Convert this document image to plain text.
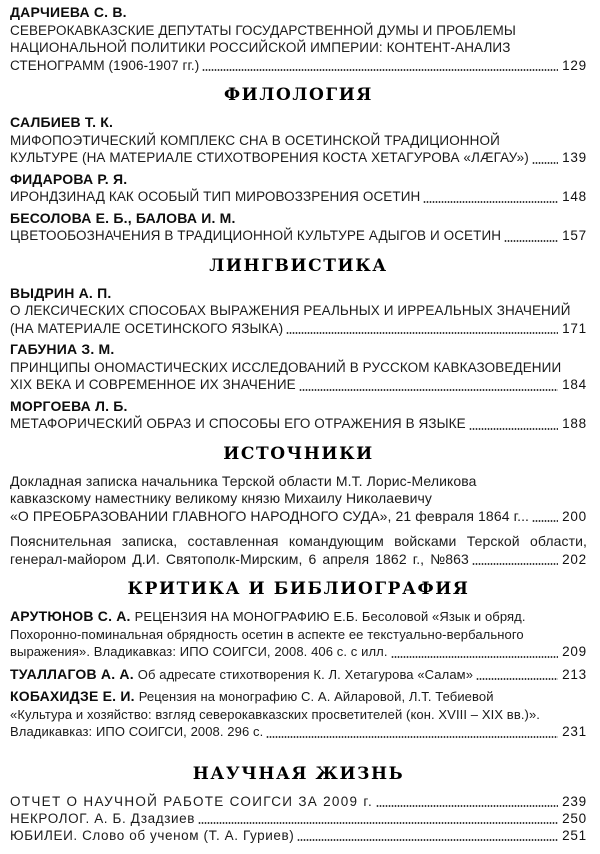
ДАРЧИЕВА С. В.
СЕВЕРОКАВКАЗСКИЕ ДЕПУТАТЫ ГОСУДАРСТВЕННОЙ ДУМЫ И ПРОБЛЕМЫ
НАЦИОНАЛЬНОЙ ПОЛИТИКИ РОССИЙСКОЙ ИМПЕРИИ: КОНТЕНТ-АНАЛИЗ
СТЕНОГРАММ (1906-1907 гг.)	129
ФИЛОЛОГИЯ
САЛБИЕВ Т. К.
МИФОПОЭТИЧЕСКИЙ КОМПЛЕКС СНА В ОСЕТИНСКОЙ ТРАДИЦИОННОЙ
КУЛЬТУРЕ (НА МАТЕРИАЛЕ СТИХОТВОРЕНИЯ КОСТА ХЕТАГУРОВА «ЛÆГАУ») 139
ФИДАРОВА Р. Я.
ИРОНДЗИНАД КАК ОСОБЫЙ ТИП МИРОВОЗЗРЕНИЯ ОСЕТИН	148
БЕСОЛОВА Е. Б., БАЛОВА И. М.
ЦВЕТООБОЗНАЧЕНИЯ В ТРАДИЦИОННОЙ КУЛЬТУРЕ АДЫГОВ И ОСЕТИН	157
ЛИНГВИСТИКА
ВЫДРИН А. П.
О ЛЕКСИЧЕСКИХ СПОСОБАХ ВЫРАЖЕНИЯ РЕАЛЬНЫХ И ИРРЕАЛЬНЫХ ЗНАЧЕНИЙ
(НА МАТЕРИАЛЕ ОСЕТИНСКОГО ЯЗЫКА)	171
ГАБУНИА З. М.
ПРИНЦИПЫ ОНОМАСТИЧЕСКИХ ИССЛЕДОВАНИЙ В РУССКОМ КАВКАЗОВЕДЕНИИ
XIX ВЕКА И СОВРЕМЕННОЕ ИХ ЗНАЧЕНИЕ	184
МОРГОЕВА Л. Б.
МЕТАФОРИЧЕСКИЙ ОБРАЗ И СПОСОБЫ ЕГО ОТРАЖЕНИЯ В ЯЗЫКЕ	188
ИСТОЧНИКИ
Докладная записка начальника Терской области М.Т. Лорис-Меликова
кавказскому наместнику великому князю Михаилу Николаевичу
«О ПРЕОБРАЗОВАНИИ ГЛАВНОГО НАРОДНОГО СУДА», 21 февраля 1864 г... 200
Пояснительная записка, составленная командующим войсками Терской области,
генерал-майором Д.И. Святополк-Мирским, 6 апреля 1862 г., №863	202
КРИТИКА И БИБЛИОГРАФИЯ
АРУТЮНОВ С. А. РЕЦЕНЗИЯ НА МОНОГРАФИЮ Е.Б. Бесоловой «Язык и обряд.
Похоронно-поминальная обрядность осетин в аспекте ее текстуально-вербального
выражения». Владикавказ: ИПО СОИГСИ, 2008. 406 с. с илл.	209
ТУАЛЛАГОВ А. А. Об адресате стихотворения К. Л. Хетагурова «Салам»	213
КОБАХИДЗЕ Е. И. Рецензия на монографию С. А. Айларовой, Л.Т. Тебиевой
«Культура и хозяйство: взгляд северокавказских просветителей (кон. XVIII – XIX вв.)».
Владикавказ: ИПО СОИГСИ, 2008. 296 с.	231
НАУЧНАЯ ЖИЗНЬ
ОТЧЕТ О НАУЧНОЙ РАБОТЕ СОИГСИ ЗА 2009 г.	239
НЕКРОЛОГ. А. Б. Дзадзиев	250
ЮБИЛЕИ. Слово об ученом (Т. А. Гуриев)	251
